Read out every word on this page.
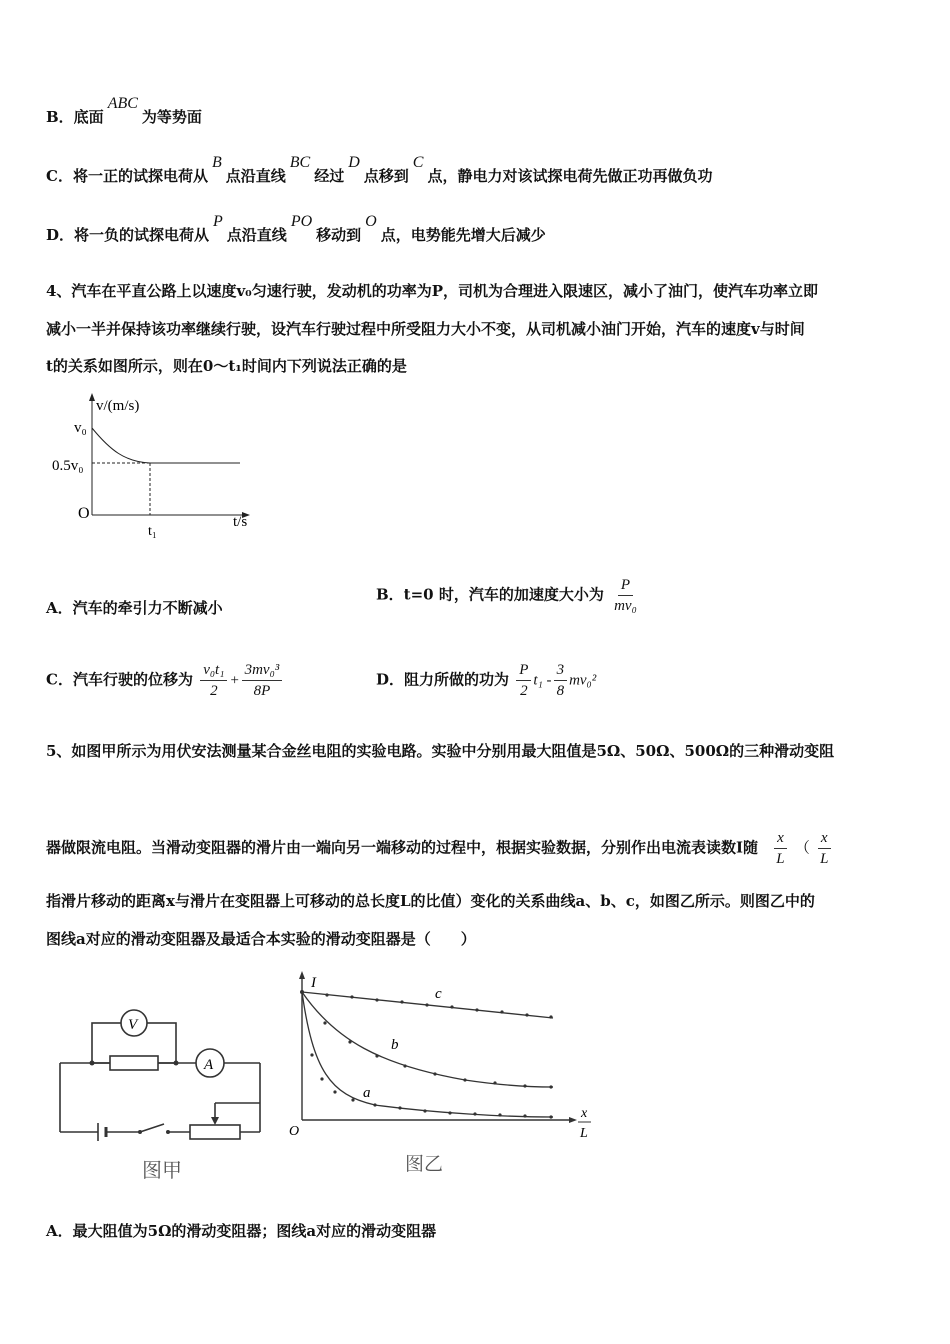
B．底面ABC为等势面
C．将一正的试探电荷从B点沿直线BC经过D点移到C点，静电力对该试探电荷先做正功再做负功
D．将一负的试探电荷从P点沿直线PO移动到O点，电势能先增大后减少
4、汽车在平直公路上以速度v₀匀速行驶，发动机的功率为P，司机为合理进入限速区，减小了油门，使汽车功率立即
减小一半并保持该功率继续行驶，设汽车行驶过程中所受阻力大小不变，从司机减小油门开始，汽车的速度v与时间
t的关系如图所示，则在0～t₁时间内下列说法正确的是
v/(m/s)
v₀
0.5v₀
O
t₁
t/s
A．汽车的牵引力不断减小
B．t=0 时，汽车的加速度大小为 $\frac{P}{\text{mv₀}}$
C．汽车行驶的位移为 $\frac{\text{v₀t₁}}{2} + \frac{\text{3mv₀³}}{8P}$	D．阻力所做的功为 $\frac{P}{2} t_1 - \frac{3}{8} mv_0^2$
5、如图甲所示为用伏安法测量某合金丝电阻的实验电路。实验中分别用最大阻值是5Ω、50Ω、500Ω的三种滑动变阻
器做限流电阻。当滑动变阻器的滑片由一端向另一端移动的过程中，根据实验数据，分别作出电流表读数I随 $\frac{x}{L}$ （ $\frac{x}{L}$
指滑片移动的距离x与滑片在变阻器上可移动的总长度L的比值）变化的关系曲线a、b、c，如图乙所示。则图乙中的
图线a对应的滑动变阻器及最适合本实验的滑动变阻器是（　　）
V
A
图甲
I
O
c
b
a
x
L
图乙
A．最大阻值为5Ω的滑动变阻器；图线a对应的滑动变阻器
